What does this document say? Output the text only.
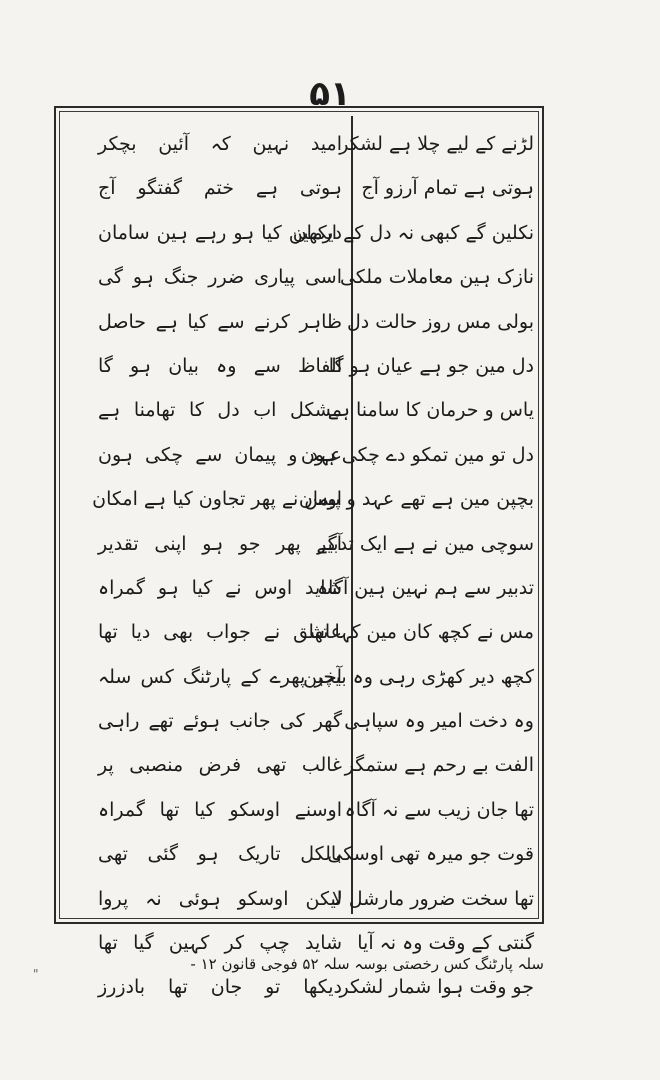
۵۱
لڑنے کے لیے چلا ہے لشکر
ہوتی ہے تمام آرزو آج
نکلین گے کبھی نہ دل کے ارمان
نازک ہین معاملات ملکی
بولی مس روز حالت دل
دل مین جو ہے عیان ہو گا
یاس و حرمان کا سامنا ہے
دل تو مین تمکو دے چکی ہون
بچپن مین ہے تھے عہد و پیمان
سوچی مین نے ہے ایک تدبیر
تدبیر سے ہم نہین ہین آگاہ
مس نے کچھ کان مین کہا تھا
کچھ دیر کھڑی رہی وہ بیچین
وہ دخت امیر وہ سپاہی
الفت بے رحم ہے ستمگر
تھا جان زیب سے نہ آگاہ
قوت جو میرہ تھی اوسکی
تھا سخت ضرور مارشل لا
گنتی کے وقت وہ نہ آیا
جو وقت ہوا شمار لشکر
امید نہین کہ آئین بچکر
ہوتی ہے ختم گفتگو آج
دیکھین کیا ہو رہے ہین سامان
اسی پیاری ضرر جنگ ہو گی
ظاہر کرنے سے کیا ہے حاصل
الفاظ سے وہ بیان ہو گا
مشکل اب دل کا تھامنا ہے
عہد و پیمان سے چکی ہون
اوس نے پھر تجاون کیا ہے امکان
آگے پھر جو ہو اپنی تقدیر
شاید اوس نے کیا ہو گمراہ
عاشق نے جواب بھی دیا تھا
آخر پھرے کے پارٹنگ کس سلہ
گھر کی جانب ہوئے تھے راہی
غالب تھی فرض منصبی پر
اوسنے اوسکو کیا تھا گمراہ
بالکل تاریک ہو گئی تھی
لیکن اوسکو ہوئی نہ پروا
شاید چپ کر کہین گیا تھا
دیکھا تو جان تھا بادزرز
سلہ پارٹنگ کس رخصتی بوسہ سلہ ۵۲ فوجی قانون ۱۲ -
"
